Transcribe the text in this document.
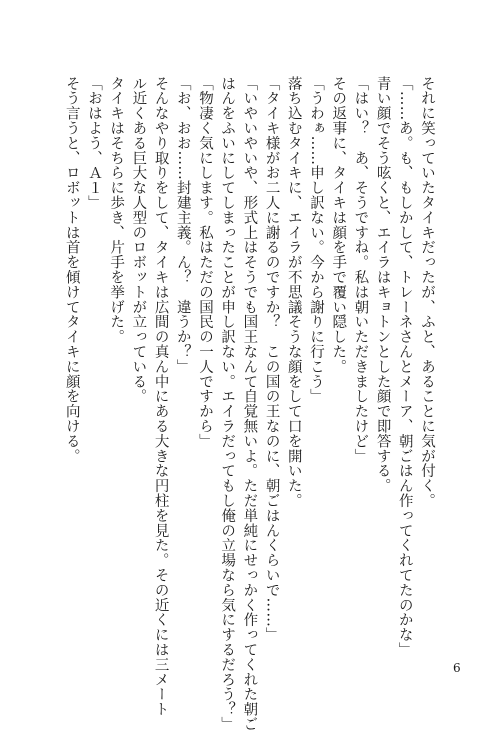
それに笑っていたタイキだったが、ふと、あることに気が付く。
「……あ。も、もしかして、トレーネさんとメーア、朝ごはん作ってくれてたのかな」
青い顔でそう呟くと、エイラはキョトンとした顔で即答する。
「はい？　あ、そうですね。私は朝いただきましたけど」
その返事に、タイキは顔を手で覆い隠した。
「うわぁ……申し訳ない。今から謝りに行こう」
落ち込むタイキに、エイラが不思議そうな顔をして口を開いた。
「タイキ様がお二人に謝るのですか？　この国の王なのに、朝ごはんくらいで……」
「いやいやいや、形式上はそうでも国王なんて自覚無いよ。ただ単純にせっかく作ってくれた朝ご
はんをふいにしてしまったことが申し訳ない。エイラだってもし俺の立場なら気にするだろう？」
「物凄く気にします。私はただの国民の一人ですから」
「お、おお……封建主義。ん？　違うか？」
そんなやり取りをして、タイキは広間の真ん中にある大きな円柱を見た。その近くには三メート
ル近くある巨大な人型のロボットが立っている。
タイキはそちらに歩き、片手を挙げた。
「おはよう、Ａ１」
そう言うと、ロボットは首を傾けてタイキに顔を向ける。
6
